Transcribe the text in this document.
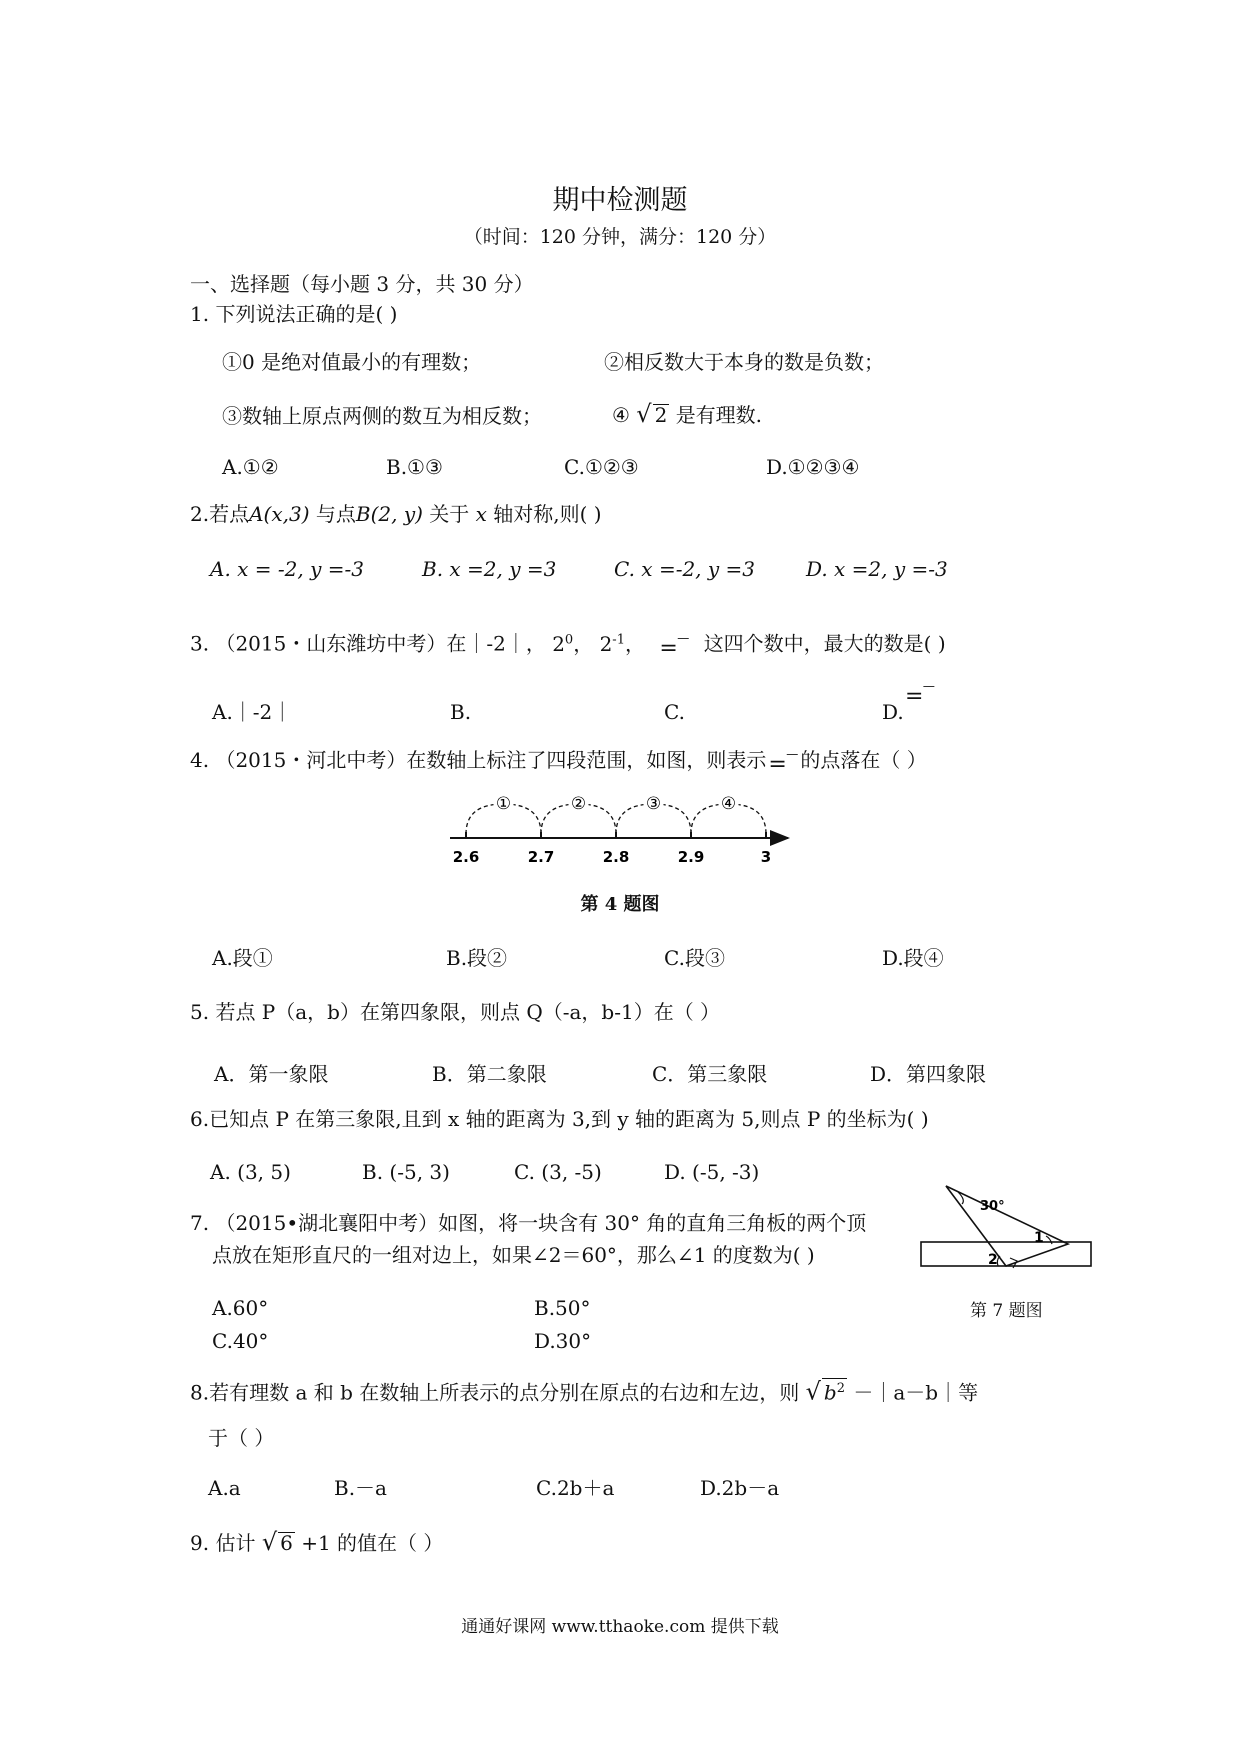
期中检测题
（时间：120 分钟，满分：120 分）
一、选择题（每小题 3 分，共 30 分）
1. 下列说法正确的是( )
①0 是绝对值最小的有理数；	②相反数大于本身的数是负数；
③数轴上原点两侧的数互为相反数；	④ √ 2 是有理数.
A.①②	B.①③	C.①②③	D.①②③④
2.若点A(x,3) 与点B(2, y) 关于 x 轴对称,则( )
A. x = -2, y =-3	B. x =2, y =3	C. x =-2, y =3	D. x =2, y =-3
3. （2015・山东潍坊中考）在｜-2｜， $2^0$， $2^{-1}$， =‾ 这四个数中，最大的数是( )
A.｜-2｜	B.	C.	D.
=‾
4. （2015・河北中考）在数轴上标注了四段范围，如图，则表示 =‾ 的点落在（ ）
2.6	2.7	2.8	2.9	3
①	②	③	④
第 4 题图
A.段①	B.段②	C.段③	D.段④
5. 若点 P（a，b）在第四象限，则点 Q（-a，b-1）在（ ）
A．第一象限	B．第二象限	C．第三象限	D．第四象限
6.已知点 P 在第三象限,且到 x 轴的距离为 3,到 y 轴的距离为 5,则点 P 的坐标为( )
A. (3, 5)	B. (-5, 3)	C. (3, -5)	D. (-5, -3)
7. （2015•湖北襄阳中考）如图，将一块含有 30° 角的直角三角板的两个顶
点放在矩形直尺的一组对边上，如果∠2＝60°，那么∠1 的度数为( )
30°
1
2
第 7 题图
A.60°	B.50°
C.40°	D.30°
8.若有理数 a 和 b 在数轴上所表示的点分别在原点的右边和左边，则 √ $b^2$ －｜a－b｜等
于（ ）
A.a	B.－a	C.2b＋a	D.2b－a
9. 估计 √ 6 +1 的值在（ ）
通通好课网 www.tthaoke.com 提供下载
